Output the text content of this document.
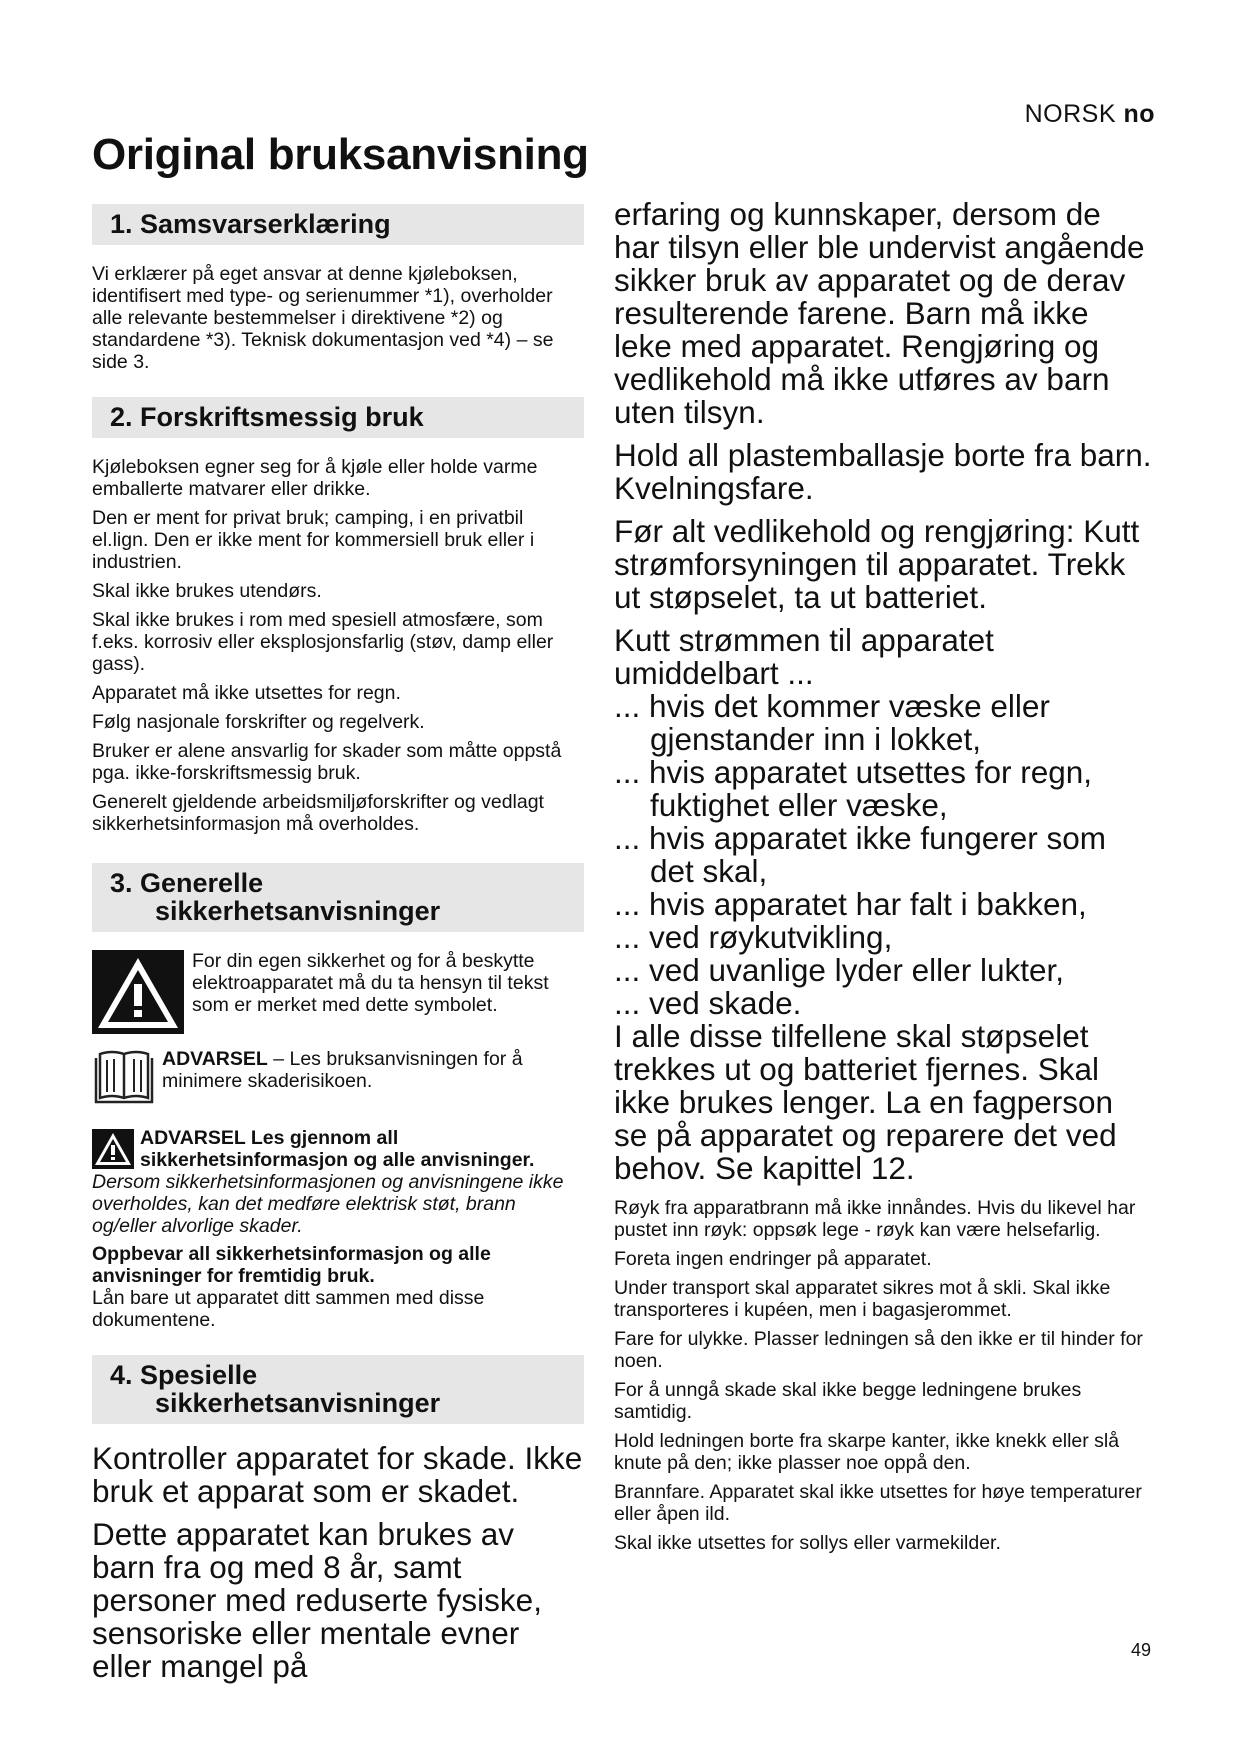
NORSK no
Original bruksanvisning
1. Samsvarserklæring

Vi erklærer på eget ansvar at denne kjøleboksen, identifisert med type- og serienummer *1), overholder alle relevante bestemmelser i direktivene *2) og standardene *3). Teknisk dokumentasjon ved *4) – se side 3.

2. Forskriftsmessig bruk

Kjøleboksen egner seg for å kjøle eller holde varme emballerte matvarer eller drikke.

Den er ment for privat bruk; camping, i en privatbil el.lign. Den er ikke ment for kommersiell bruk eller i industrien.

Skal ikke brukes utendørs.

Skal ikke brukes i rom med spesiell atmosfære, som f.eks. korrosiv eller eksplosjonsfarlig (støv, damp eller gass).

Apparatet må ikke utsettes for regn.

Følg nasjonale forskrifter og regelverk.

Bruker er alene ansvarlig for skader som måtte oppstå pga. ikke-forskriftsmessig bruk.

Generelt gjeldende arbeidsmiljøforskrifter og vedlagt sikkerhetsinformasjon må overholdes.

3. Generelle
sikkerhetsanvisninger

For din egen sikkerhet og for å beskytte elektroapparatet må du ta hensyn til tekst som er merket med dette symbolet.

ADVARSEL – Les bruksanvisningen for å minimere skaderisikoen.

ADVARSEL Les gjennom all sikkerhetsinformasjon og alle anvisninger. Dersom sikkerhetsinformasjonen og anvisningene ikke overholdes, kan det medføre elektrisk støt, brann og/eller alvorlige skader.

Oppbevar all sikkerhetsinformasjon og alle anvisninger for fremtidig bruk.

Lån bare ut apparatet ditt sammen med disse dokumentene.

4. Spesielle
sikkerhetsanvisninger

Kontroller apparatet for skade. Ikke bruk et apparat som er skadet.

Dette apparatet kan brukes av barn fra og med 8 år, samt personer med reduserte fysiske, sensoriske eller mentale evner eller mangel på

erfaring og kunnskaper, dersom de har tilsyn eller ble undervist angående sikker bruk av apparatet og de derav resulterende farene. Barn må ikke leke med apparatet. Rengjøring og vedlikehold må ikke utføres av barn uten tilsyn.

Hold all plastemballasje borte fra barn. Kvelningsfare.

Før alt vedlikehold og rengjøring: Kutt strømforsyningen til apparatet. Trekk ut støpselet, ta ut batteriet.

Kutt strømmen til apparatet umiddelbart ...

... hvis det kommer væske eller gjenstander inn i lokket,

... hvis apparatet utsettes for regn, fuktighet eller væske,

... hvis apparatet ikke fungerer som det skal,

... hvis apparatet har falt i bakken,

... ved røykutvikling,

... ved uvanlige lyder eller lukter,

... ved skade.

I alle disse tilfellene skal støpselet trekkes ut og batteriet fjernes. Skal ikke brukes lenger. La en fagperson se på apparatet og reparere det ved behov. Se kapittel 12.

Røyk fra apparatbrann må ikke innåndes. Hvis du likevel har pustet inn røyk: oppsøk lege - røyk kan være helsefarlig.

Foreta ingen endringer på apparatet.

Under transport skal apparatet sikres mot å skli. Skal ikke transporteres i kupéen, men i bagasjerommet.

Fare for ulykke. Plasser ledningen så den ikke er til hinder for noen.

For å unngå skade skal ikke begge ledningene brukes samtidig.

Hold ledningen borte fra skarpe kanter, ikke knekk eller slå knute på den; ikke plasser noe oppå den.

Brannfare. Apparatet skal ikke utsettes for høye temperaturer eller åpen ild.

Skal ikke utsettes for sollys eller varmekilder.

49
